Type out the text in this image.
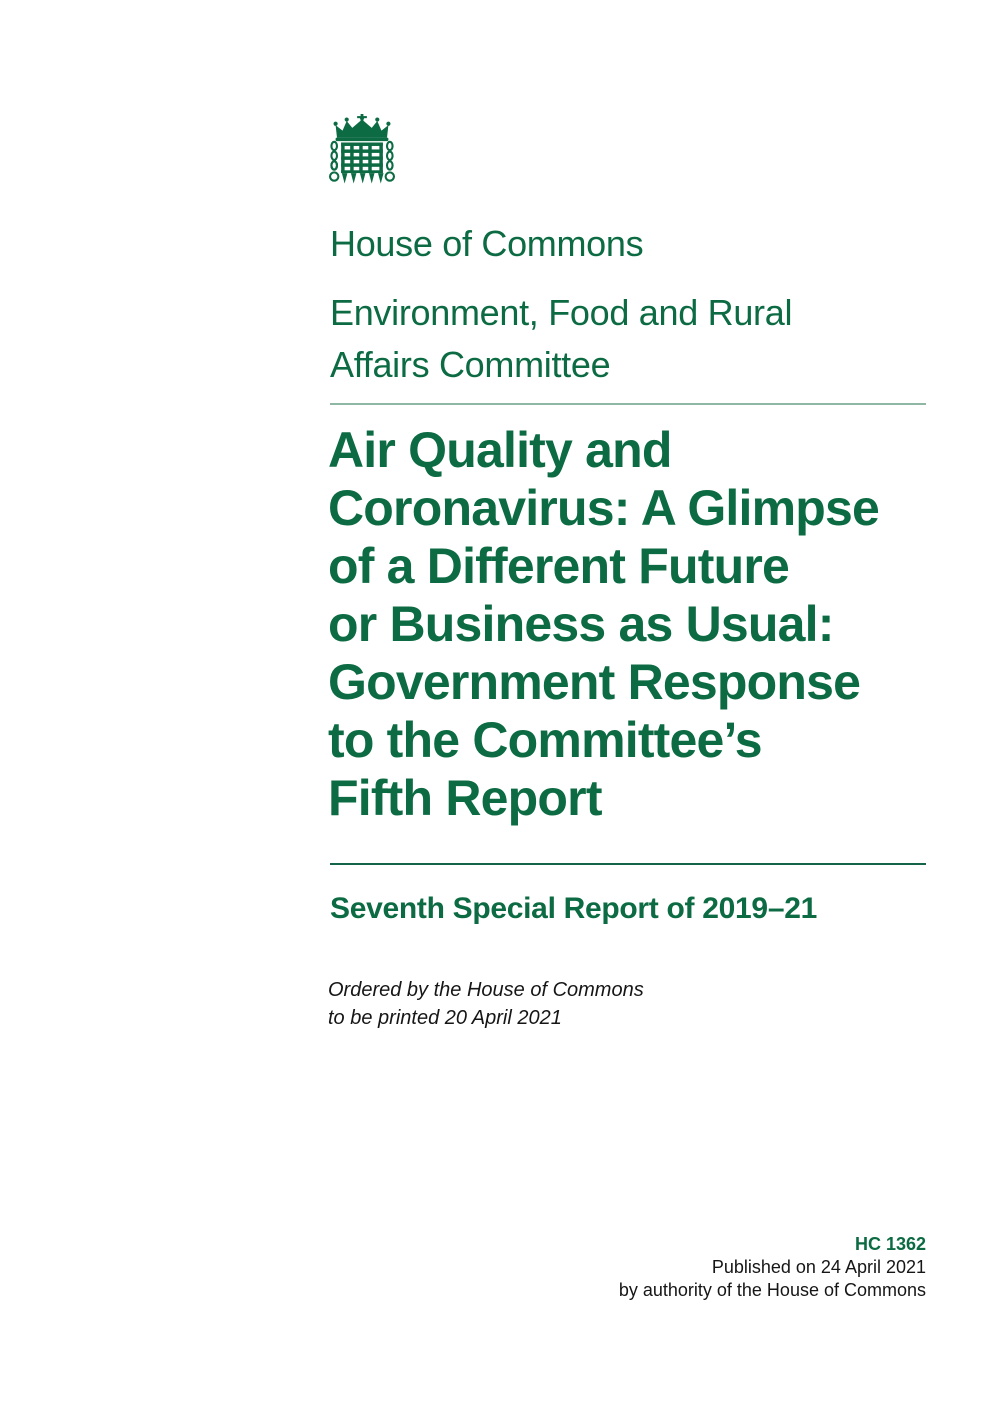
House of Commons
Environment, Food and Rural
Affairs Committee
Air Quality and
Coronavirus: A Glimpse
of a Different Future
or Business as Usual:
Government Response
to the Committee’s
Fifth Report
Seventh Special Report of 2019–21
Ordered by the House of Commons
to be printed 20 April 2021
HC 1362
Published on 24 April 2021
by authority of the House of Commons
